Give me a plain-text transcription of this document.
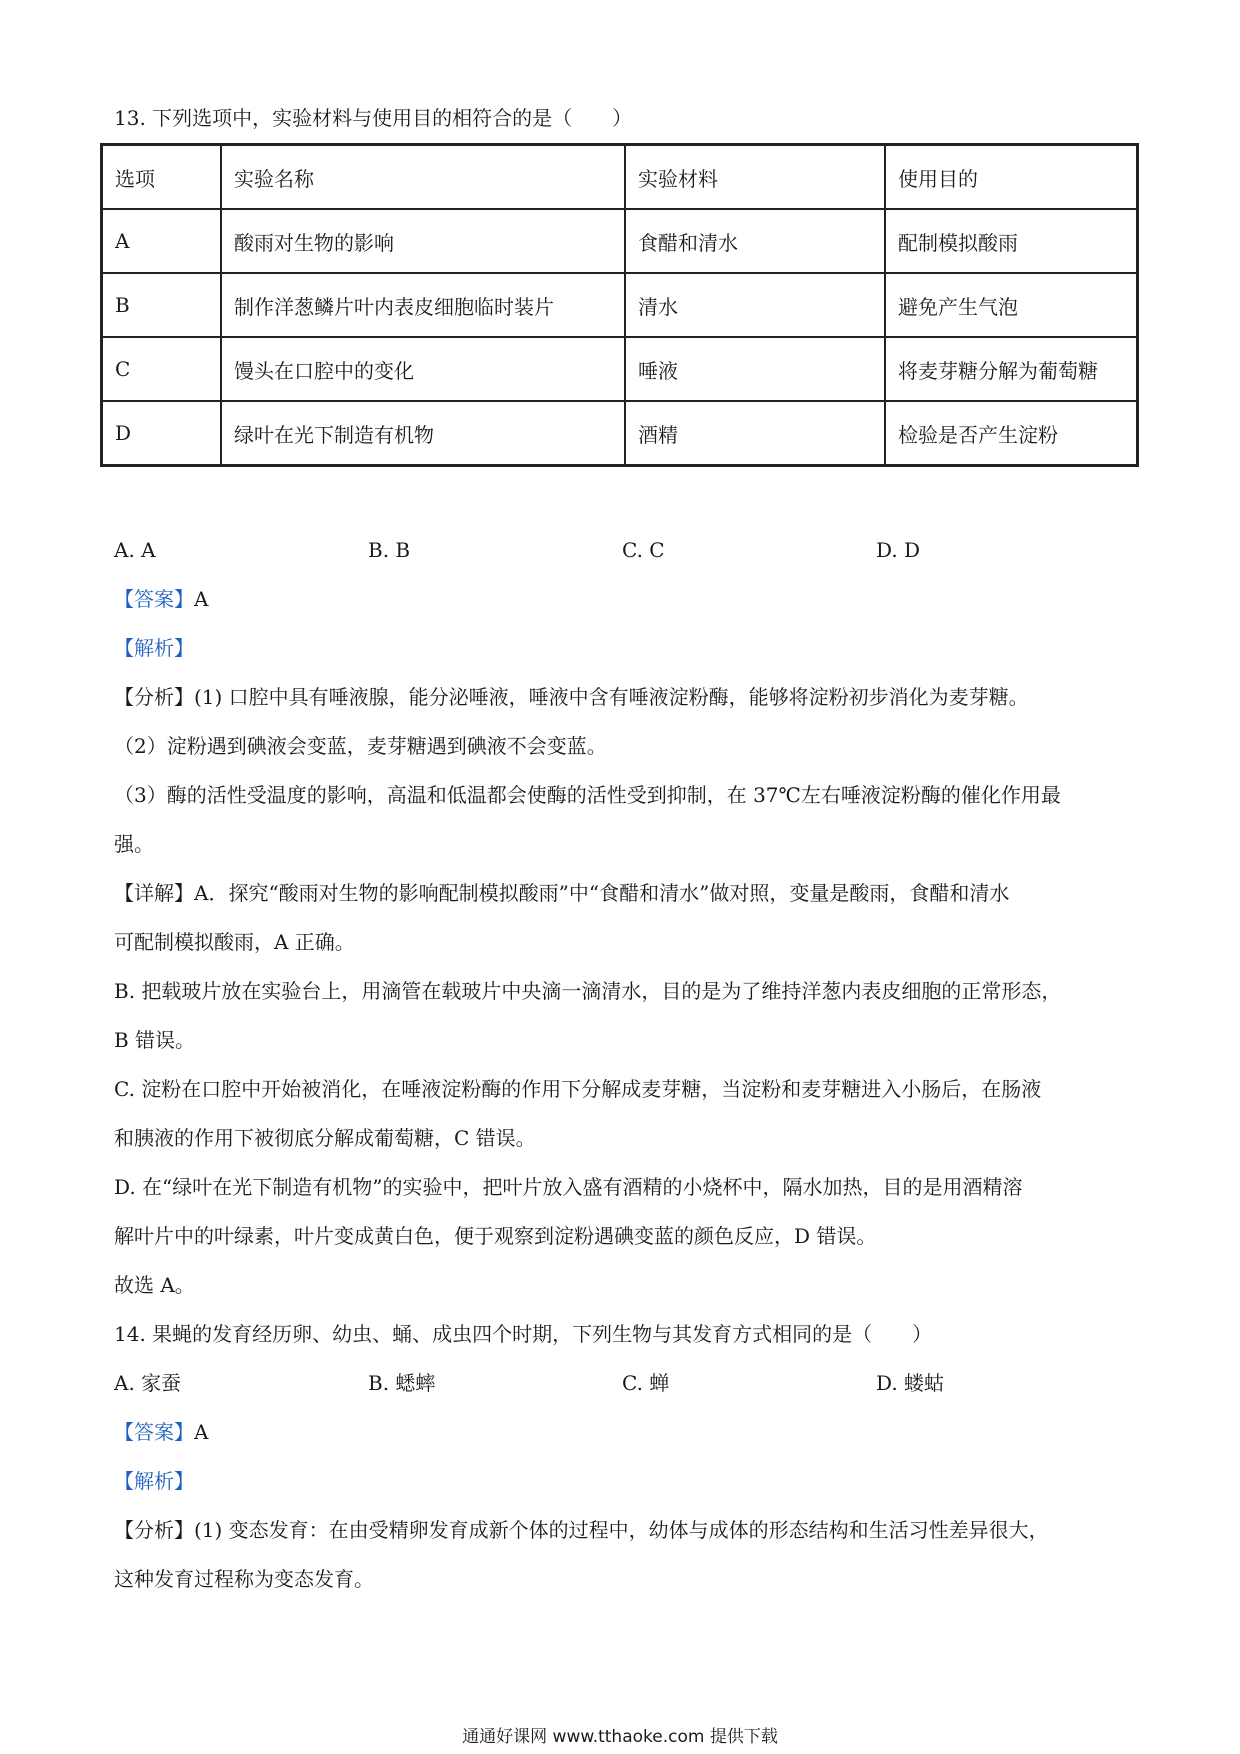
13. 下列选项中，实验材料与使用目的相符合的是（　　）
选项	实验名称	实验材料	使用目的
A	酸雨对生物的影响	食醋和清水	配制模拟酸雨
B	制作洋葱鳞片叶内表皮细胞临时装片	清水	避免产生气泡
C	馒头在口腔中的变化	唾液	将麦芽糖分解为葡萄糖
D	绿叶在光下制造有机物	酒精	检验是否产生淀粉
A. A	B. B	C. C	D. D
【答案】A
【解析】
【分析】(1) 口腔中具有唾液腺，能分泌唾液，唾液中含有唾液淀粉酶，能够将淀粉初步消化为麦芽糖。
（2）淀粉遇到碘液会变蓝，麦芽糖遇到碘液不会变蓝。
（3）酶的活性受温度的影响，高温和低温都会使酶的活性受到抑制，在 37℃左右唾液淀粉酶的催化作用最
强。
【详解】A．探究“酸雨对生物的影响配制模拟酸雨”中“食醋和清水”做对照，变量是酸雨，食醋和清水
可配制模拟酸雨，A 正确。
B. 把载玻片放在实验台上，用滴管在载玻片中央滴一滴清水，目的是为了维持洋葱内表皮细胞的正常形态，
B 错误。
C. 淀粉在口腔中开始被消化，在唾液淀粉酶的作用下分解成麦芽糖，当淀粉和麦芽糖进入小肠后，在肠液
和胰液的作用下被彻底分解成葡萄糖，C 错误。
D. 在“绿叶在光下制造有机物”的实验中，把叶片放入盛有酒精的小烧杯中，隔水加热，目的是用酒精溶
解叶片中的叶绿素，叶片变成黄白色，便于观察到淀粉遇碘变蓝的颜色反应，D 错误。
故选 A。
14. 果蝇的发育经历卵、幼虫、蛹、成虫四个时期，下列生物与其发育方式相同的是（　　）
A. 家蚕	B. 蟋蟀	C. 蝉	D. 蝼蛄
【答案】A
【解析】
【分析】(1) 变态发育：在由受精卵发育成新个体的过程中，幼体与成体的形态结构和生活习性差异很大，
这种发育过程称为变态发育。
通通好课网 www.tthaoke.com 提供下载
